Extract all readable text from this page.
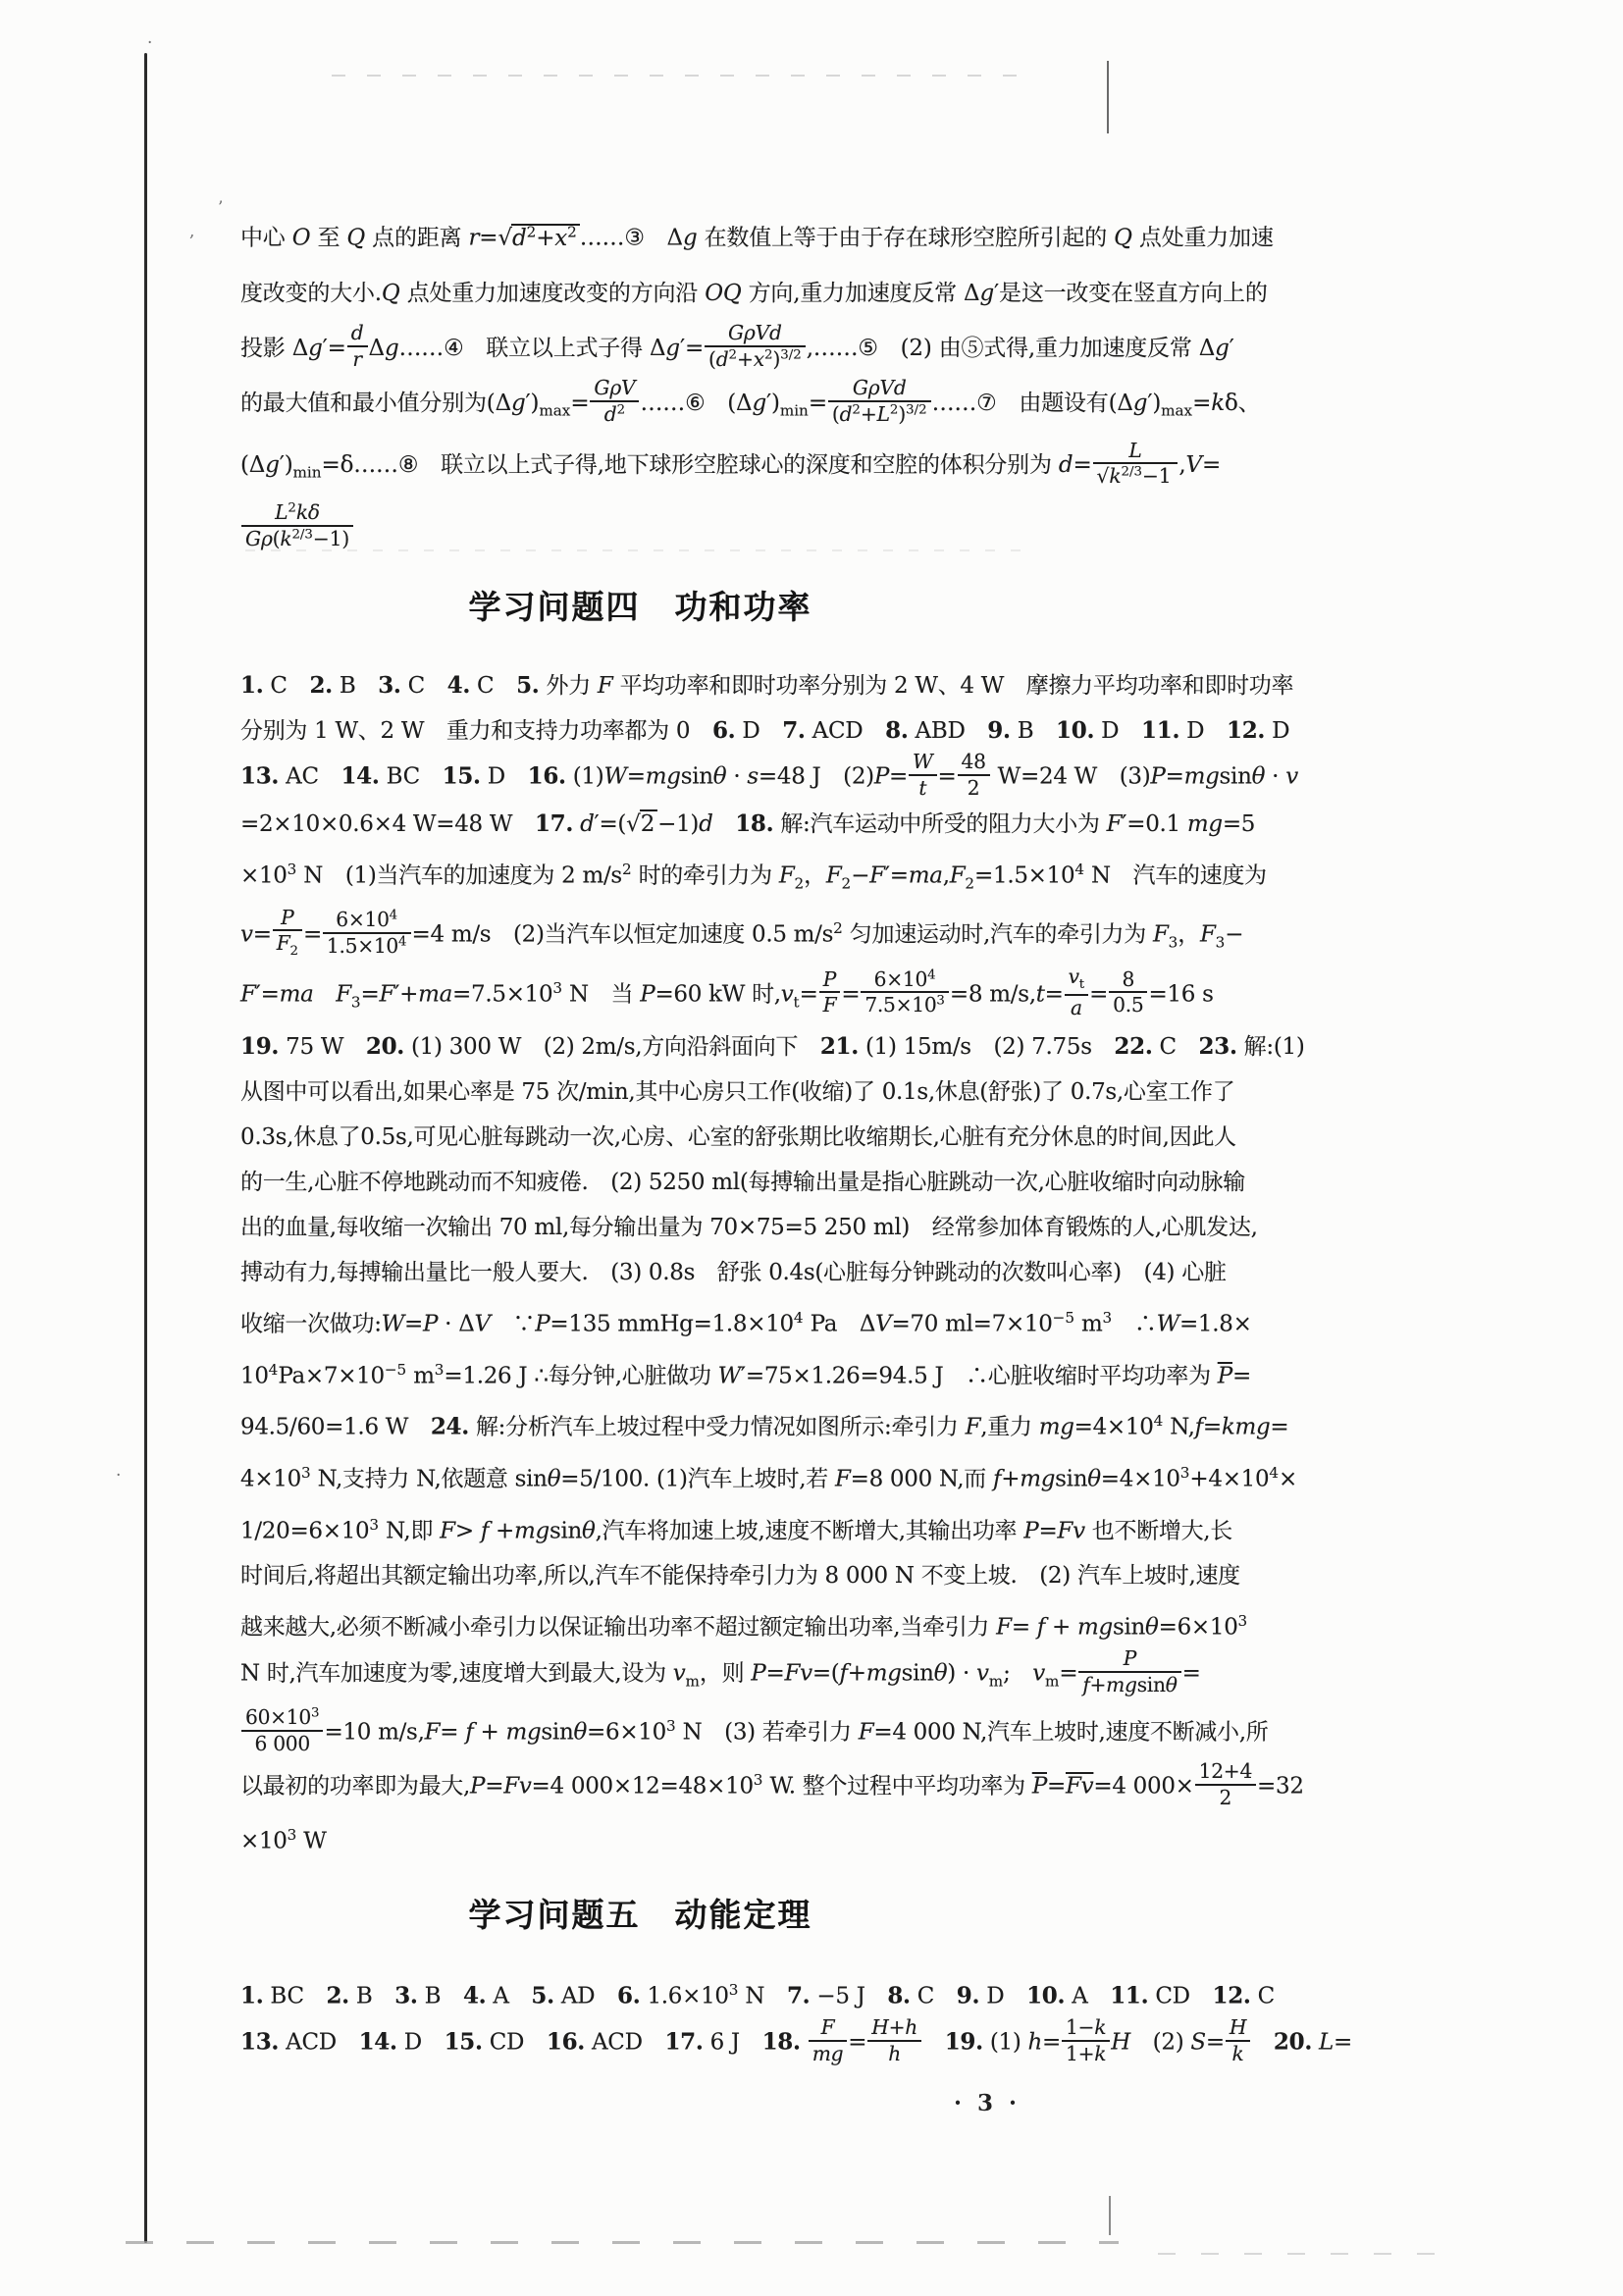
·
’
,
·
中心 O 至 Q 点的距离 $r=√d^2+x^2$ ……③　Δg 在数值上等于由于存在球形空腔所引起的 Q 点处重力加速
度改变的大小.Q 点处重力加速度改变的方向沿 OQ 方向,重力加速度反常 Δg′是这一改变在竖直方向上的
投影 $\Delta g'= \frac{d}{r}$ Δg……④　联立以上式子得 $\Delta g'= \frac{\text{GρVd}}{(d^2+x^2)^{3/2}}$ ,……⑤　(2) 由⑤式得,重力加速度反常 Δg′
的最大值和最小值分别为$(\Delta g')_{max}= \frac{\text{GρV}}{d^2}$ ……⑥　$(\Delta g')_{min}= \frac{\text{GρVd}}{(d^2+L^2)^{3/2}}$ ……⑦　由题设有$(\Delta g')_{max}=k\delta$、
$(\Delta g')_{min}=\delta\dots\dots ⑧$　联立以上式子得,地下球形空腔球心的深度和空腔的体积分别为 $d= \frac{L}{√k^{2/3}-1} ,V=$
$\frac{L^2k\delta}{G\rho(k^{2/3}-1)}$
学习问题四　功和功率
1. C　2. B　3. C　4. C　5. 外力 F 平均功率和即时功率分别为 2 W、4 W　摩擦力平均功率和即时功率
分别为 1 W、2 W　重力和支持力功率都为 0　6. D　7. ACD　8. ABD　9. B　10. D　11. D　12. D
13. AC　14. BC　15. D　16. (1)W=mgsinθ · s=48 J　$(2)P= \frac{W}{t} = \frac{48}{2} W=24$ W　(3)P=mgsinθ · v
=2×10×0.6×4 W=48 W　17. d′=(√2 −1)d　 18. 解:汽车运动中所受的阻力大小为 F′=0.1 mg=5
$\times 10^3$ N　(1)当汽车的加速度为 2 $m/s^2$ 时的牵引力为 $F_2$，$F_2-F'=ma,F_2=1.5\times 10^4$ N　汽车的速度为
$v= \frac{P}{F_2} = \frac{6\times 10^4}{1.5\times 10^4} =4$ m/s　(2)当汽车以恒定加速度 0.5 $m/s^2$ 匀加速运动时,汽车的牵引力为 $F_3$，$F_3-$
F′=ma　 $F_3=F'+ma=7.5\times 10^3$ N　当 P=60 kW 时$,v_t= \frac{P}{F} = \frac{6\times 10^4}{7.5\times 10^3} =8$ $m/s,t= \frac{v_t}{a} = \frac{8}{0.5} =16$ s
19. 75 W　20. (1) 300 W　(2) 2m/s,方向沿斜面向下　21. (1) 15m/s　(2) 7.75s　22. C　23. 解:(1)
从图中可以看出,如果心率是 75 次/min,其中心房只工作(收缩)了 0.1s,休息(舒张)了 0.7s,心室工作了
0.3s,休息了0.5s,可见心脏每跳动一次,心房、心室的舒张期比收缩期长,心脏有充分休息的时间,因此人
的一生,心脏不停地跳动而不知疲倦.　(2) 5250 ml(每搏输出量是指心脏跳动一次,心脏收缩时向动脉输
出的血量,每收缩一次输出 70 ml,每分输出量为 70×75=5 250 ml)　经常参加体育锻炼的人,心肌发达,
搏动有力,每搏输出量比一般人要大.　(3) 0.8s　舒张 0.4s(心脏每分钟跳动的次数叫心率)　(4) 心脏
收缩一次做功:W=P · ΔV　∵P=135 $mmHg=1.8\times 10^4$ Pa　ΔV=70 $ml=7\times 10^{-5}$ $m^3$　∴W=1.8×
$10^4Pa\times 7\times 10^{-5}$ $m^3=1.26$ J ∴每分钟,心脏做功 W′=75×1.26=94.5 J　∴心脏收缩时平均功率为 $\overline{P}=$
94.5/60=1.6 W　24. 解:分析汽车上坡过程中受力情况如图所示:牵引力 F,重力 $mg=4\times 10^4$ N,f=kmg=
$4\times 10^3$ N,支持力 N,依题意 sinθ=5/100. (1)汽车上坡时,若 F=8 000 N,而 $f+mgsin\theta=4\times 10^3+4\times 10^4\times$
$1/20=6\times 10^3$ N,即 F> f +mgsinθ,汽车将加速上坡,速度不断增大,其输出功率 P=Fv 也不断增大,长
时间后,将超出其额定输出功率,所以,汽车不能保持牵引力为 8 000 N 不变上坡.　(2) 汽车上坡时,速度
越来越大,必须不断减小牵引力以保证输出功率不超过额定输出功率,当牵引力 $F= f + mgsin\theta=6\times 10^3$
N 时,汽车加速度为零,速度增大到最大,设为 $v_m$，则 $P=Fv=(f+mgsin\theta) \cdot v_m$;　$v_m= \frac{P}{f+mgsin\theta}$ =
$\frac{60\times 10^3}{6 000} =10$ $m/s,F= f + mgsin\theta=6\times 10^3$ N　(3) 若牵引力 F=4 000 N,汽车上坡时,速度不断减小,所
以最初的功率即为最大,P=Fv=4 $000\times 12=48\times 10^3$ W. 整个过程中平均功率为 $\overline{P}=\overline{Fv}=4$ $000\times \frac{12+4}{2} =32$
$\times 10^3$ W
学习问题五　动能定理
1. BC　2. B　3. B　4. A　5. AD　6. $1.6\times 10^3$ N　7. −5 J　8. C　9. D　10. A　11. CD　12. C
13. ACD　14. D　15. CD　16. ACD　17. 6 J　18. $\frac{F}{mg} = \frac{H+h}{h}$
　 19. (1) $h= \frac{1-k}{1+k}$ H　(2) $S= \frac{H}{k}$
　 20. L=
· 3 ·
